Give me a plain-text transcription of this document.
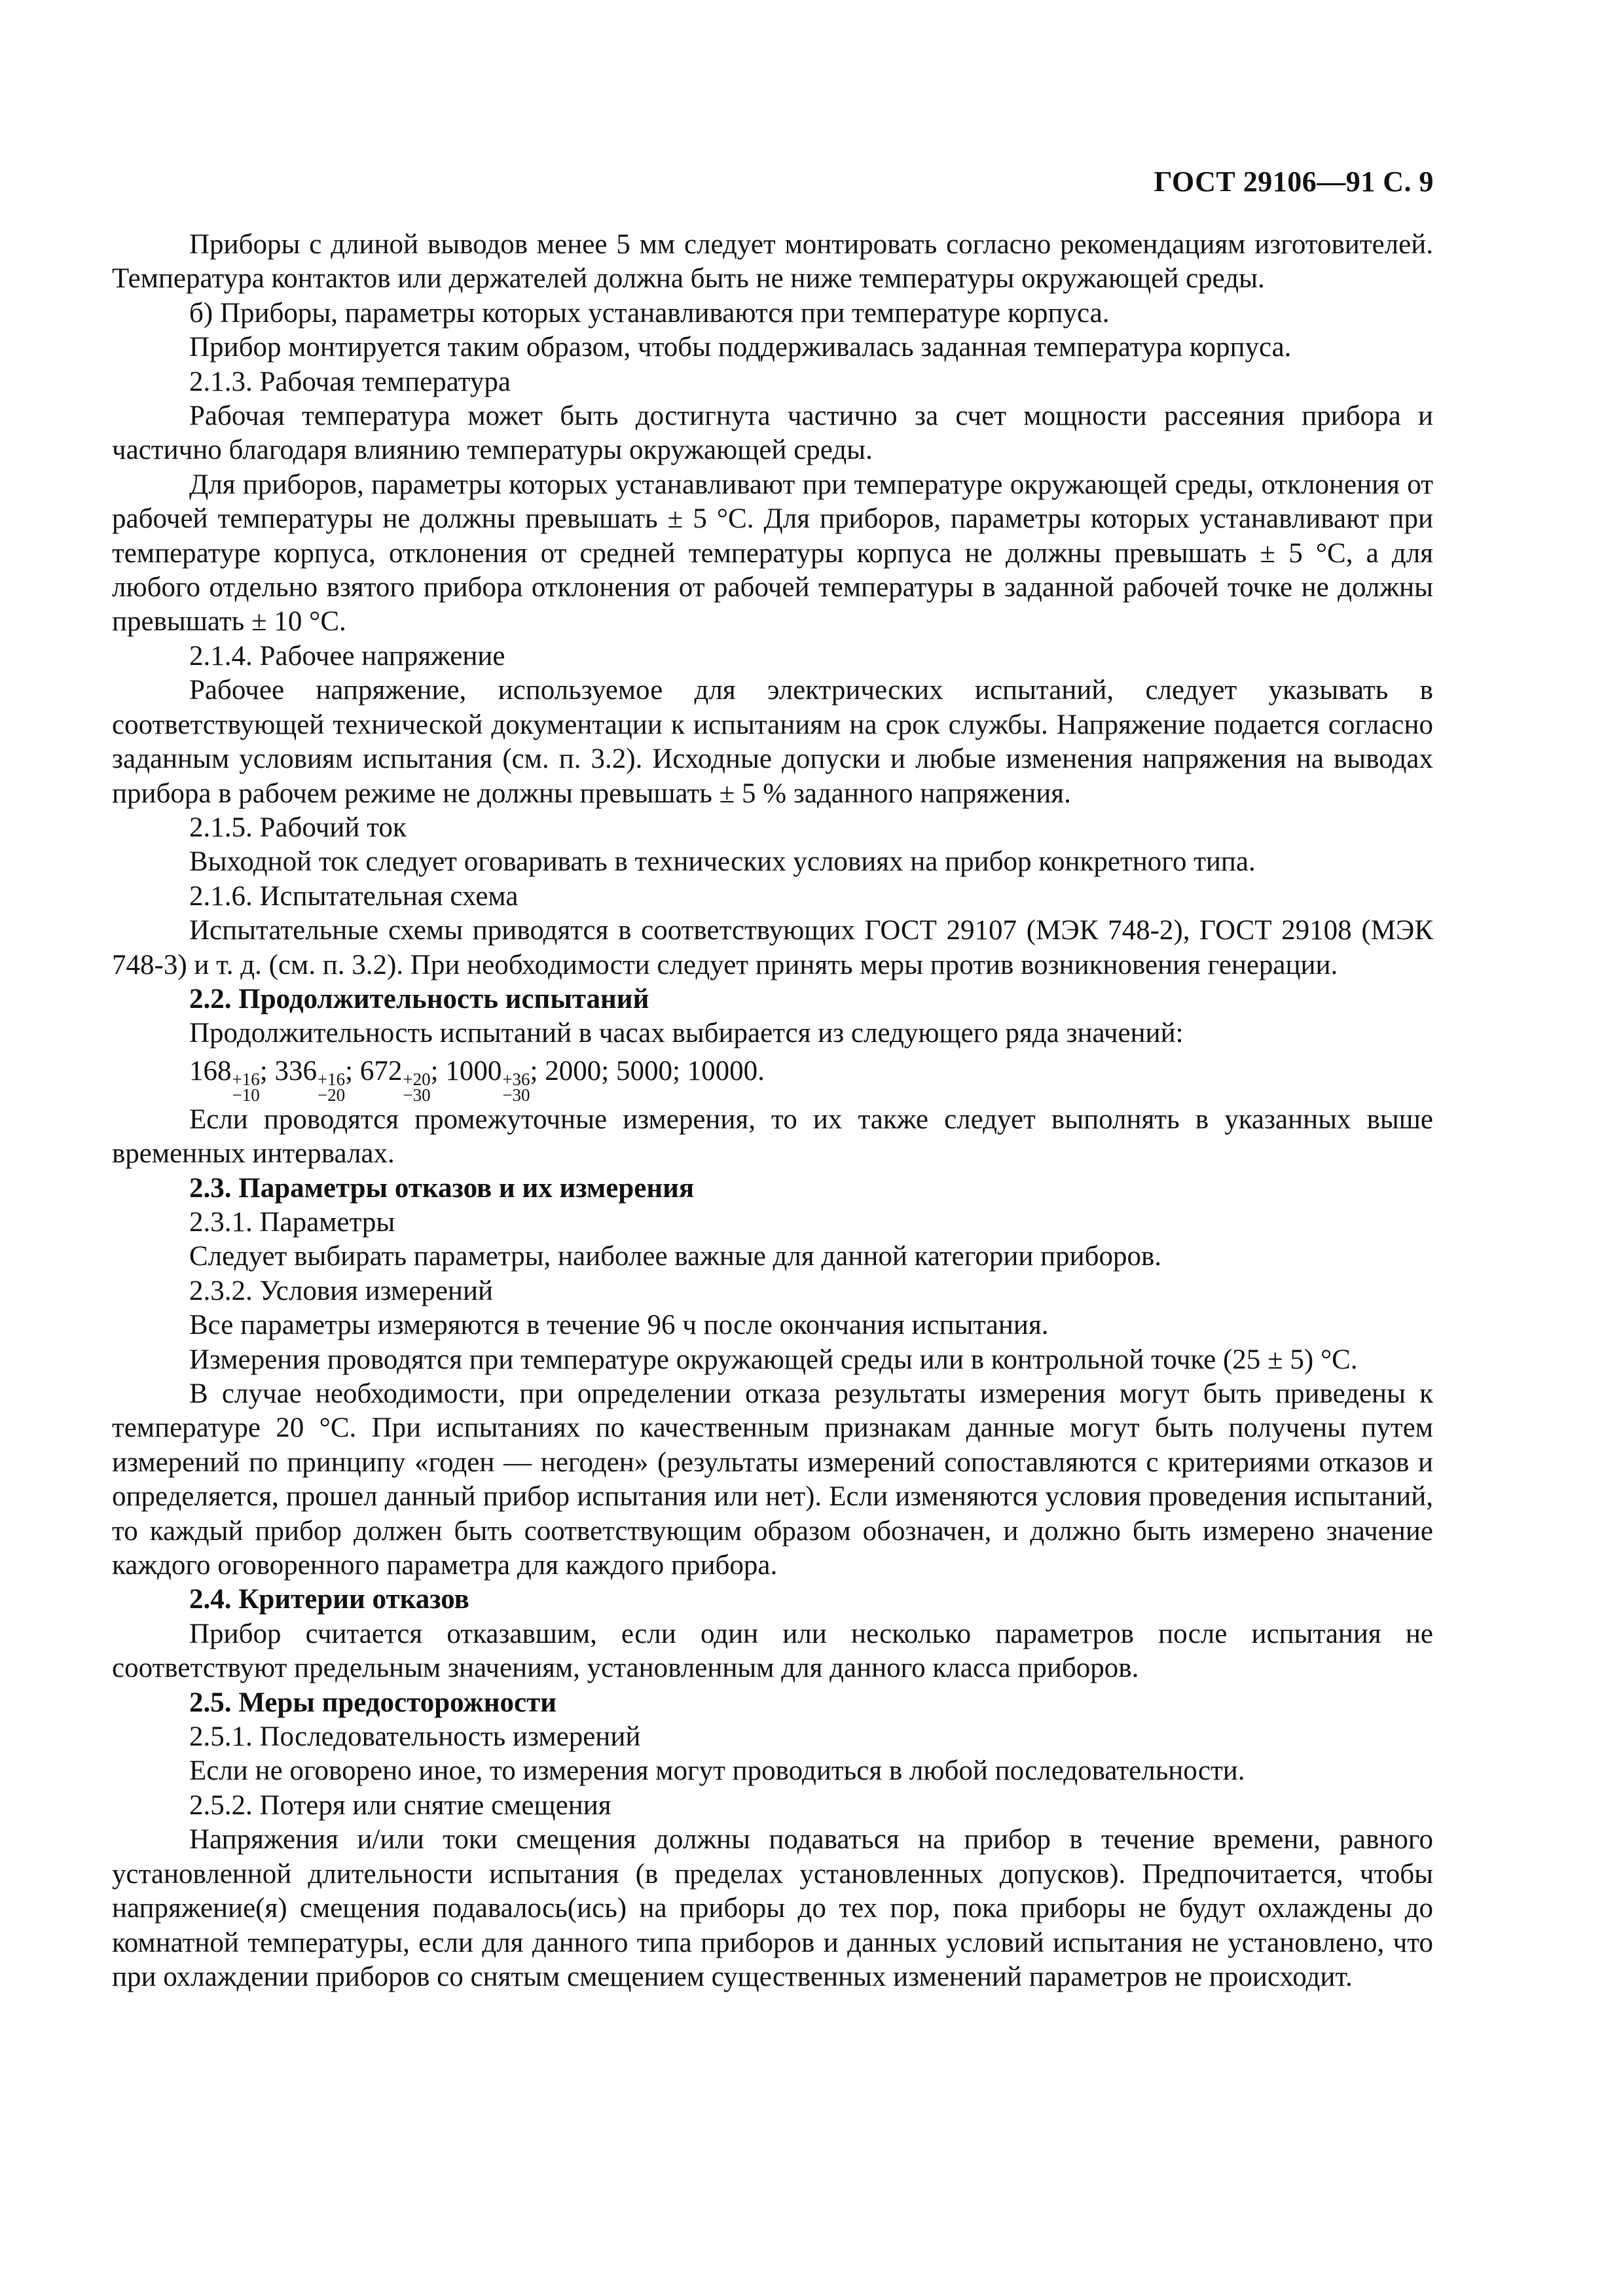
ГОСТ 29106—91 С. 9

Приборы с длиной выводов менее 5 мм следует монтировать согласно рекомендациям изготовителей. Температура контактов или держателей должна быть не ниже температуры окружающей среды.

б) Приборы, параметры которых устанавливаются при температуре корпуса.

Прибор монтируется таким образом, чтобы поддерживалась заданная температура корпуса.

2.1.3. Рабочая температура

Рабочая температура может быть достигнута частично за счет мощности рассеяния прибора и частично благодаря влиянию температуры окружающей среды.

Для приборов, параметры которых устанавливают при температуре окружающей среды, отклонения от рабочей температуры не должны превышать ± 5 °C. Для приборов, параметры которых устанавливают при температуре корпуса, отклонения от средней температуры корпуса не должны превышать ± 5 °C, а для любого отдельно взятого прибора отклонения от рабочей температуры в заданной рабочей точке не должны превышать ± 10 °C.

2.1.4. Рабочее напряжение

Рабочее напряжение, используемое для электрических испытаний, следует указывать в соответствующей технической документации к испытаниям на срок службы. Напряжение подается согласно заданным условиям испытания (см. п. 3.2). Исходные допуски и любые изменения напряжения на выводах прибора в рабочем режиме не должны превышать ± 5 % заданного напряжения.

2.1.5. Рабочий ток

Выходной ток следует оговаривать в технических условиях на прибор конкретного типа.

2.1.6. Испытательная схема

Испытательные схемы приводятся в соответствующих ГОСТ 29107 (МЭК 748-2), ГОСТ 29108 (МЭК 748-3) и т. д. (см. п. 3.2). При необходимости следует принять меры против возникновения генерации.

2.2. Продолжительность испытаний

Продолжительность испытаний в часах выбирается из следующего ряда значений:

168 +16
−10
; 336 +16
−20
; 672 +20
−30
; 1000 +36
−30
; 2000; 5000; 10000.

Если проводятся промежуточные измерения, то их также следует выполнять в указанных выше временных интервалах.

2.3. Параметры отказов и их измерения

2.3.1. Параметры

Следует выбирать параметры, наиболее важные для данной категории приборов.

2.3.2. Условия измерений

Все параметры измеряются в течение 96 ч после окончания испытания.

Измерения проводятся при температуре окружающей среды или в контрольной точке (25 ± 5) °C.

В случае необходимости, при определении отказа результаты измерения могут быть приведены к температуре 20 °C. При испытаниях по качественным признакам данные могут быть получены путем измерений по принципу «годен — негоден» (результаты измерений сопоставляются с критериями отказов и определяется, прошел данный прибор испытания или нет). Если изменяются условия проведения испытаний, то каждый прибор должен быть соответствующим образом обозначен, и должно быть измерено значение каждого оговоренного параметра для каждого прибора.

2.4. Критерии отказов

Прибор считается отказавшим, если один или несколько параметров после испытания не соответствуют предельным значениям, установленным для данного класса приборов.

2.5. Меры предосторожности

2.5.1. Последовательность измерений

Если не оговорено иное, то измерения могут проводиться в любой последовательности.

2.5.2. Потеря или снятие смещения

Напряжения и/или токи смещения должны подаваться на прибор в течение времени, равного установленной длительности испытания (в пределах установленных допусков). Предпочитается, чтобы напряжение(я) смещения подавалось(ись) на приборы до тех пор, пока приборы не будут охлаждены до комнатной температуры, если для данного типа приборов и данных условий испытания не установлено, что при охлаждении приборов со снятым смещением существенных изменений параметров не происходит.
